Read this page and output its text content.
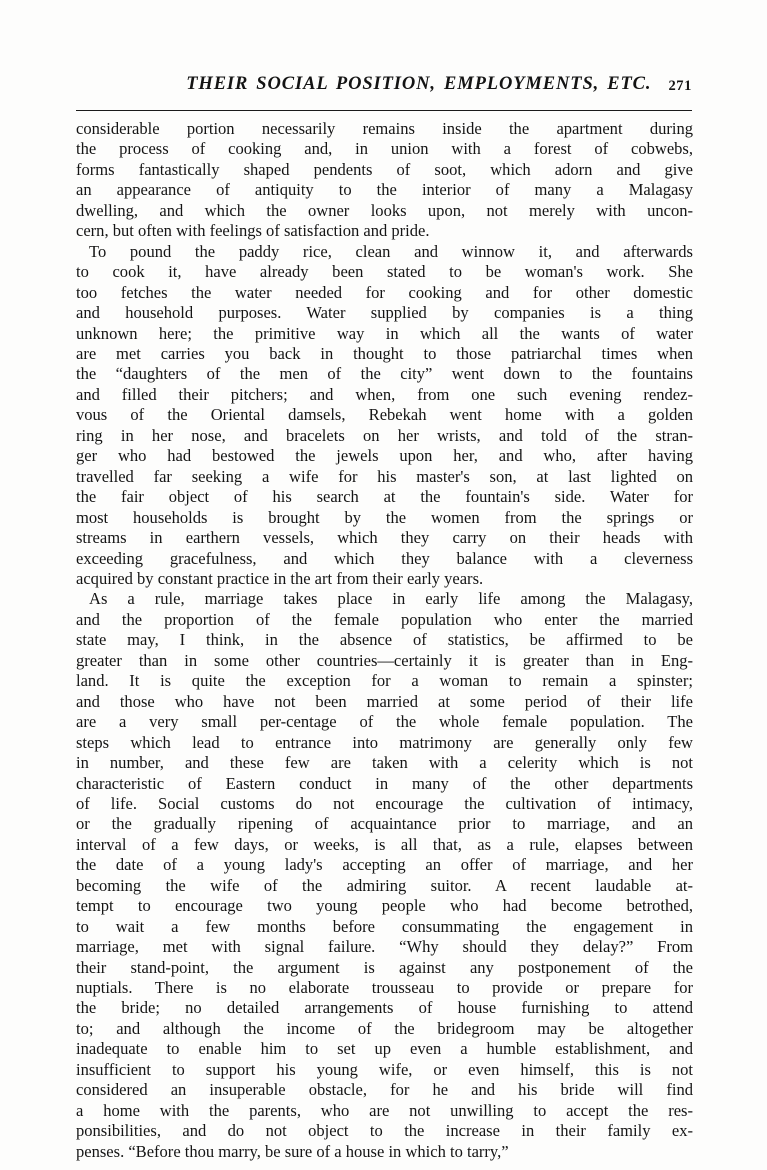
THEIR SOCIAL POSITION, EMPLOYMENTS, ETC. 271
considerable portion necessarily remains inside the apartment during
the process of cooking and, in union with a forest of cobwebs,
forms fantastically shaped pendents of soot, which adorn and give
an appearance of antiquity to the interior of many a Malagasy
dwelling, and which the owner looks upon, not merely with uncon-
cern, but often with feelings of satisfaction and pride.
To pound the paddy rice, clean and winnow it, and afterwards
to cook it, have already been stated to be woman's work. She
too fetches the water needed for cooking and for other domestic
and household purposes. Water supplied by companies is a thing
unknown here; the primitive way in which all the wants of water
are met carries you back in thought to those patriarchal times when
the “daughters of the men of the city” went down to the fountains
and filled their pitchers; and when, from one such evening rendez-
vous of the Oriental damsels, Rebekah went home with a golden
ring in her nose, and bracelets on her wrists, and told of the stran-
ger who had bestowed the jewels upon her, and who, after having
travelled far seeking a wife for his master's son, at last lighted on
the fair object of his search at the fountain's side. Water for
most households is brought by the women from the springs or
streams in earthern vessels, which they carry on their heads with
exceeding gracefulness, and which they balance with a cleverness
acquired by constant practice in the art from their early years.
As a rule, marriage takes place in early life among the Malagasy,
and the proportion of the female population who enter the married
state may, I think, in the absence of statistics, be affirmed to be
greater than in some other countries—certainly it is greater than in Eng-
land. It is quite the exception for a woman to remain a spinster;
and those who have not been married at some period of their life
are a very small per-centage of the whole female population. The
steps which lead to entrance into matrimony are generally only few
in number, and these few are taken with a celerity which is not
characteristic of Eastern conduct in many of the other departments
of life. Social customs do not encourage the cultivation of intimacy,
or the gradually ripening of acquaintance prior to marriage, and an
interval of a few days, or weeks, is all that, as a rule, elapses between
the date of a young lady's accepting an offer of marriage, and her
becoming the wife of the admiring suitor. A recent laudable at-
tempt to encourage two young people who had become betrothed,
to wait a few months before consummating the engagement in
marriage, met with signal failure. “Why should they delay?” From
their stand-point, the argument is against any postponement of the
nuptials. There is no elaborate trousseau to provide or prepare for
the bride; no detailed arrangements of house furnishing to attend
to; and although the income of the bridegroom may be altogether
inadequate to enable him to set up even a humble establishment, and
insufficient to support his young wife, or even himself, this is not
considered an insuperable obstacle, for he and his bride will find
a home with the parents, who are not unwilling to accept the res-
ponsibilities, and do not object to the increase in their family ex-
penses. “Before thou marry, be sure of a house in which to tarry,”
